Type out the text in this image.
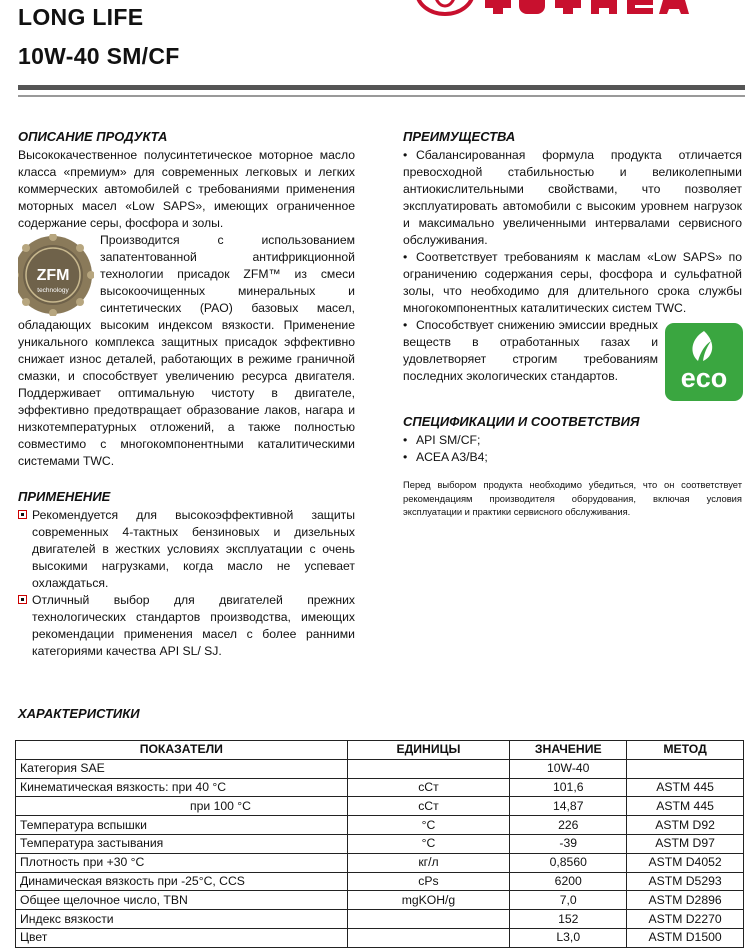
LONG LIFE
10W-40 SM/CF
ОПИСАНИЕ ПРОДУКТА

Высококачественное полусинтетическое моторное масло класса «премиум» для современных легковых и легких коммерческих автомобилей с требованиями применения моторных масел «Low SAPS», имеющих ограниченное содержание серы, фосфора и золы.

ZFM
technology

Производится с использованием запатентованной антифрикционной технологии присадок ZFM™ из смеси высокоочищенных минеральных и синтетических (PAO) базовых масел, обладающих высоким индексом вязкости. Применение уникального комплекса защитных присадок эффективно снижает износ деталей, работающих в режиме граничной смазки, и способствует увеличению ресурса двигателя. Поддерживает оптимальную чистоту в двигателе, эффективно предотвращает образование лаков, нагара и низкотемпературных отложений, а также полностью совместимо с многокомпонентными каталитическими системами TWC.

ПРИМЕНЕНИЕ
Рекомендуется для высокоэффективной защиты современных 4-тактных бензиновых и дизельных двигателей в жестких условиях эксплуатации с очень высокими нагрузками, когда масло не успевает охлаждаться.
Отличный выбор для двигателей прежних технологических стандартов производства, имеющих рекомендации применения масел с более ранними категориями качества API SL/ SJ.
ПРЕИМУЩЕСТВА

• Сбалансированная формула продукта отличается превосходной стабильностью и великолепными антиокислительными свойствами, что позволяет эксплуатировать автомобили с высоким уровнем нагрузок и максимально увеличенными интервалами сервисного обслуживания.

• Соответствует требованиям к маслам «Low SAPS» по ограничению содержания серы, фосфора и сульфатной золы, что необходимо для длительного срока службы многокомпонентных каталитических систем TWC.

• Способствует снижению эмиссии вредных веществ в отработанных газах и удовлетворяет строгим требованиям последних экологических стандартов.

СПЕЦИФИКАЦИИ И СООТВЕТСТВИЯ
• API SM/CF;
• ACEA A3/B4;

Перед выбором продукта необходимо убедиться, что он соответствует рекомендациям производителя оборудования, включая условия эксплуатации и практики сервисного обслуживания.

eco
ХАРАКТЕРИСТИКИ
ПОКАЗАТЕЛИ	ЕДИНИЦЫ	ЗНАЧЕНИЕ	МЕТОД
Категория SAE		10W-40	
Кинематическая вязкость: при 40 °C	сСт	101,6	ASTM 445

при 100 °C	сСт	14,87	ASTM 445
Температура вспышки	°C	226	ASTM D92
Температура застывания	°C	-39	ASTM D97
Плотность при +30 °C	кг/л	0,8560	ASTM D4052
Динамическая вязкость при -25°C, CCS	cPs	6200	ASTM D5293
Общее щелочное число, TBN	mgKOH/g	7,0	ASTM D2896
Индекс вязкости		152	ASTM D2270
Цвет		L3,0	ASTM D1500
